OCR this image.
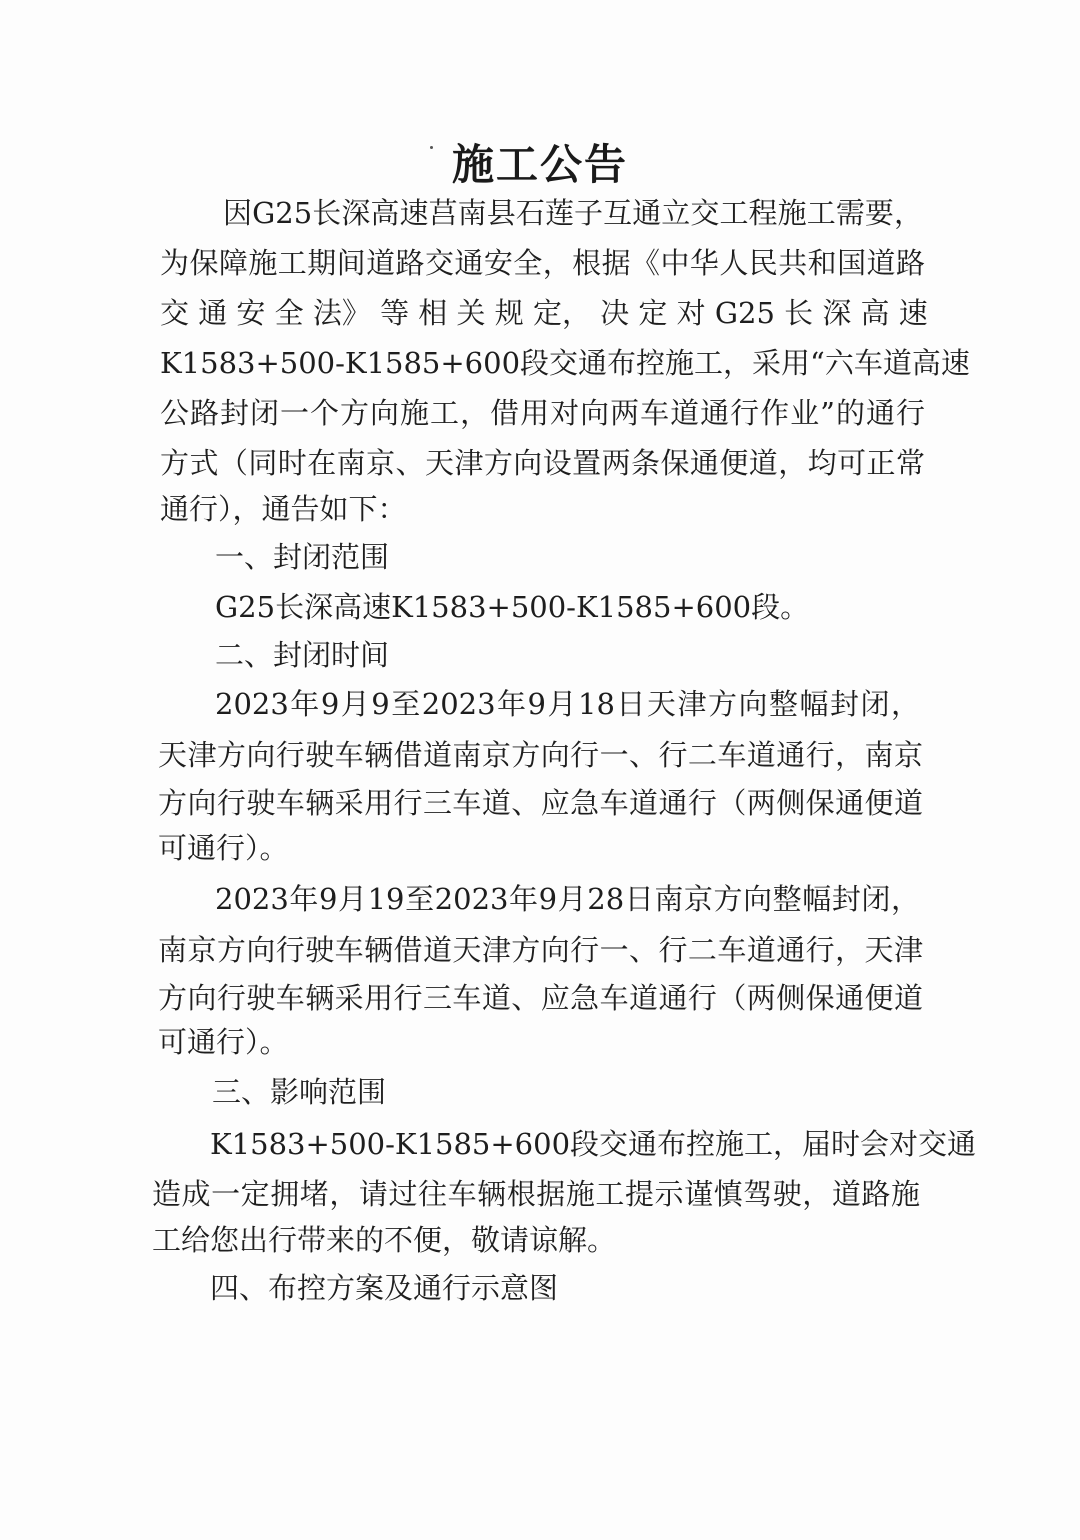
施工公告
因G25长深高速莒南县石莲子互通立交工程施工需要，
为保障施工期间道路交通安全，根据《中华人民共和国道路
交 通 安 全 法》 等 相 关 规 定， 决 定 对 G25 长 深 高 速
K1583+500-K1585+600段交通布控施工，采用“六车道高速
公路封闭一个方向施工，借用对向两车道通行作业”的通行
方式（同时在南京、天津方向设置两条保通便道，均可正常
通行），通告如下：
一、封闭范围
G25长深高速K1583+500-K1585+600段。
二、封闭时间
2023年9月9至2023年9月18日天津方向整幅封闭，
天津方向行驶车辆借道南京方向行一、行二车道通行，南京
方向行驶车辆采用行三车道、应急车道通行（两侧保通便道
可通行）。
2023年9月19至2023年9月28日南京方向整幅封闭，
南京方向行驶车辆借道天津方向行一、行二车道通行，天津
方向行驶车辆采用行三车道、应急车道通行（两侧保通便道
可通行）。
三、影响范围
K1583+500-K1585+600段交通布控施工，届时会对交通
造成一定拥堵，请过往车辆根据施工提示谨慎驾驶，道路施
工给您出行带来的不便，敬请谅解。
四、布控方案及通行示意图
